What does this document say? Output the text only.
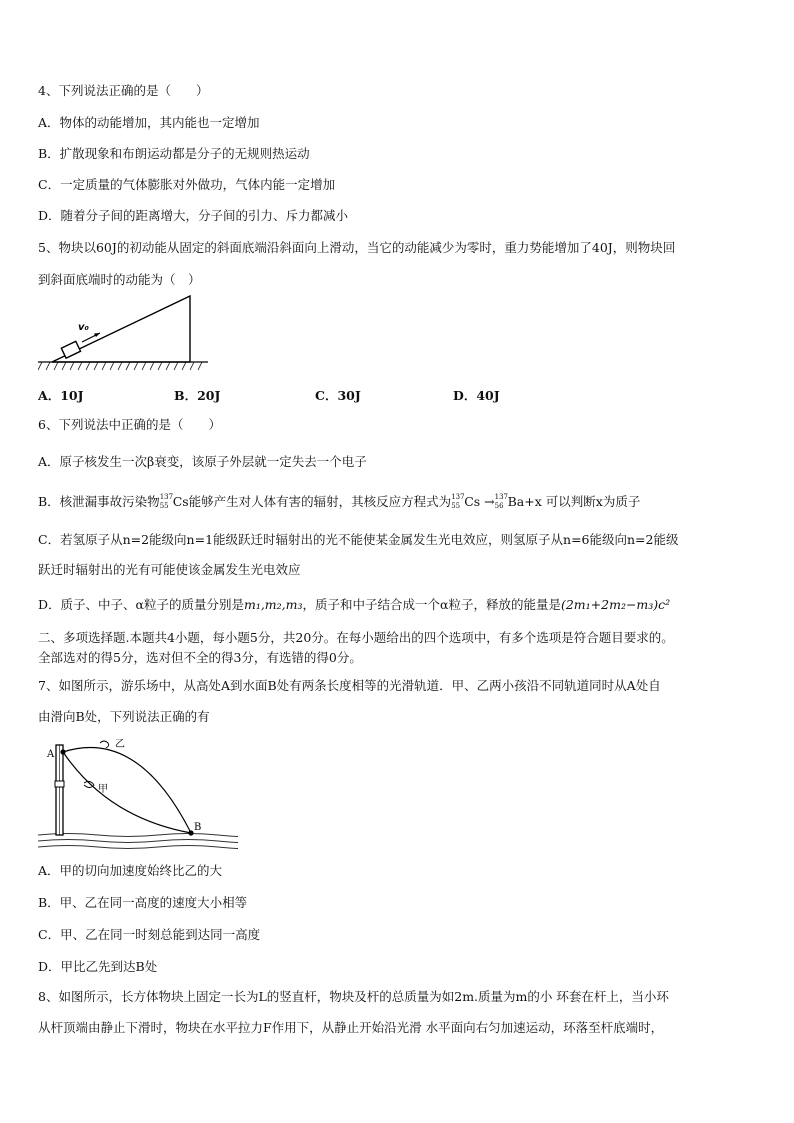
4、下列说法正确的是（　　）
A．物体的动能增加，其内能也一定增加
B．扩散现象和布朗运动都是分子的无规则热运动
C．一定质量的气体膨胀对外做功，气体内能一定增加
D．随着分子间的距离增大，分子间的引力、斥力都减小
5、物块以60J的初动能从固定的斜面底端沿斜面向上滑动，当它的动能减少为零时，重力势能增加了40J，则物块回
到斜面底端时的动能为（　）
v₀
A．10J	B．20J	C．30J	D．40J
6、下列说法中正确的是（　　）
A．原子核发生一次β衰变，该原子外层就一定失去一个电子
B．核泄漏事故污染物 137
55 Cs能够产生对人体有害的辐射，其核反应方程式为 137
55 Cs → 137
56 Ba+x 可以判断x为质子
C．若氢原子从n=2能级向n=1能级跃迁时辐射出的光不能使某金属发生光电效应，则氢原子从n=6能级向n=2能级
跃迁时辐射出的光有可能使该金属发生光电效应
D．质子、中子、α粒子的质量分别是m₁,m₂,m₃，质子和中子结合成一个α粒子，释放的能量是(2m₁+2m₂−m₃)c²
二、多项选择题.本题共4小题，每小题5分，共20分。在每小题给出的四个选项中，有多个选项是符合题目要求的。
全部选对的得5分，选对但不全的得3分，有选错的得0分。
7、如图所示，游乐场中，从高处A到水面B处有两条长度相等的光滑轨道．甲、乙两小孩沿不同轨道同时从A处自
由滑向B处，下列说法正确的有
A
B
甲
乙
A．甲的切向加速度始终比乙的大
B．甲、乙在同一高度的速度大小相等
C．甲、乙在同一时刻总能到达同一高度
D．甲比乙先到达B处
8、如图所示，长方体物块上固定一长为L的竖直杆，物块及杆的总质量为如2m.质量为m的小 环套在杆上，当小环
从杆顶端由静止下滑时，物块在水平拉力F作用下，从静止开始沿光滑 水平面向右匀加速运动，环落至杆底端时，
